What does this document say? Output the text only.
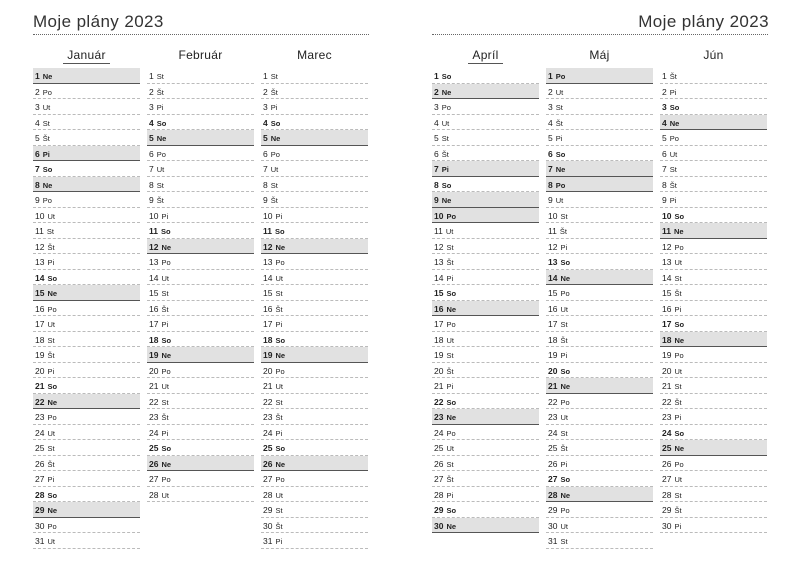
Moje plány 2023	Moje plány 2023
Január
1 Ne
2 Po
3 Ut
4 St
5 Št
6 Pi
7 So
8 Ne
9 Po
10 Ut
11 St
12 Št
13 Pi
14 So
15 Ne
16 Po
17 Ut
18 St
19 Št
20 Pi
21 So
22 Ne
23 Po
24 Ut
25 St
26 Št
27 Pi
28 So
29 Ne
30 Po
31 Ut
Február
1 St
2 Št
3 Pi
4 So
5 Ne
6 Po
7 Ut
8 St
9 Št
10 Pi
11 So
12 Ne
13 Po
14 Ut
15 St
16 Št
17 Pi
18 So
19 Ne
20 Po
21 Ut
22 St
23 Št
24 Pi
25 So
26 Ne
27 Po
28 Ut
Marec
1 St
2 Št
3 Pi
4 So
5 Ne
6 Po
7 Ut
8 St
9 Št
10 Pi
11 So
12 Ne
13 Po
14 Ut
15 St
16 Št
17 Pi
18 So
19 Ne
20 Po
21 Ut
22 St
23 Št
24 Pi
25 So
26 Ne
27 Po
28 Ut
29 St
30 Št
31 Pi
Apríl
1 So
2 Ne
3 Po
4 Ut
5 St
6 Št
7 Pi
8 So
9 Ne
10 Po
11 Ut
12 St
13 Št
14 Pi
15 So
16 Ne
17 Po
18 Ut
19 St
20 Št
21 Pi
22 So
23 Ne
24 Po
25 Ut
26 St
27 Št
28 Pi
29 So
30 Ne
Máj
1 Po
2 Ut
3 St
4 Št
5 Pi
6 So
7 Ne
8 Po
9 Ut
10 St
11 Št
12 Pi
13 So
14 Ne
15 Po
16 Ut
17 St
18 Št
19 Pi
20 So
21 Ne
22 Po
23 Ut
24 St
25 Št
26 Pi
27 So
28 Ne
29 Po
30 Ut
31 St
Jún
1 Št
2 Pi
3 So
4 Ne
5 Po
6 Ut
7 St
8 Št
9 Pi
10 So
11 Ne
12 Po
13 Ut
14 St
15 Št
16 Pi
17 So
18 Ne
19 Po
20 Ut
21 St
22 Št
23 Pi
24 So
25 Ne
26 Po
27 Ut
28 St
29 Št
30 Pi
